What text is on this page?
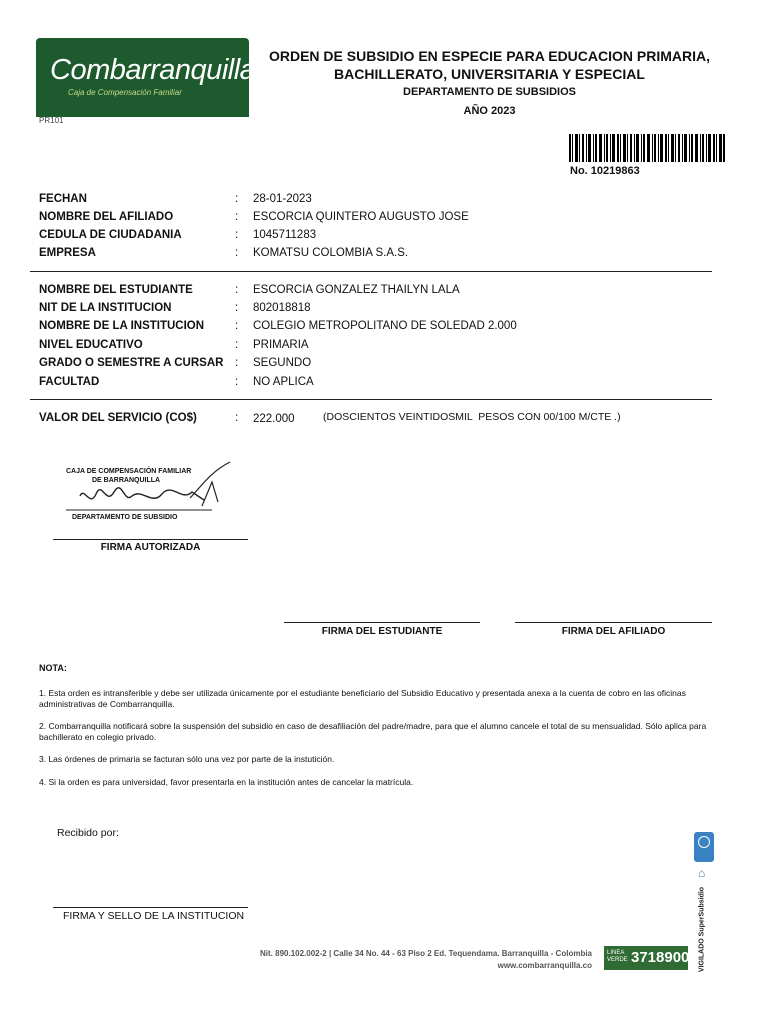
Combarranquilla
Caja de Compensación Familiar
PR101
ORDEN DE SUBSIDIO EN ESPECIE PARA EDUCACION PRIMARIA,
BACHILLERATO, UNIVERSITARIA Y ESPECIAL
DEPARTAMENTO DE SUBSIDIOS
AÑO 2023
No. 10219863
FECHAN	:	28-01-2023
NOMBRE DEL AFILIADO	:	ESCORCIA QUINTERO AUGUSTO JOSE
CEDULA DE CIUDADANIA	:	1045711283
EMPRESA	:	KOMATSU COLOMBIA S.A.S.
NOMBRE DEL ESTUDIANTE	:	ESCORCIA GONZALEZ THAILYN LALA
NIT DE LA INSTITUCION	:	802018818
NOMBRE DE LA INSTITUCION	:	COLEGIO METROPOLITANO DE SOLEDAD 2.000
NIVEL EDUCATIVO	:	PRIMARIA
GRADO O SEMESTRE A CURSAR	:	SEGUNDO
FACULTAD	:	NO APLICA
VALOR DEL SERVICIO (CO$)	: 222.000	(DOSCIENTOS VEINTIDOSMIL  PESOS CON 00/100 M/CTE .)
CAJA DE COMPENSACIÓN FAMILIAR
DE BARRANQUILLA
DEPARTAMENTO DE SUBSIDIO
FIRMA AUTORIZADA
FIRMA DEL ESTUDIANTE	FIRMA DEL AFILIADO
NOTA:
1. Esta orden es intransferible y debe ser utilizada únicamente por el estudiante beneficiario del Subsidio Educativo y presentada anexa a la cuenta de cobro en las oficinas administrativas de Combarranquilla.
2. Combarranquilla notificará sobre la suspensión del subsidio en caso de desafiliación del padre/madre, para que el alumno cancele el total de su mensualidad. Sólo aplica para bachillerato en colegio privado.
3. Las órdenes de primaria se facturan sólo una vez por parte de la instutición.
4. Si la orden es para universidad, favor presentarla en la institución antes de cancelar la matrícula.
Recibido por:
FIRMA Y SELLO DE LA INSTITUCION
Nit. 890.102.002-2 | Calle 34 No. 44 - 63 Piso 2 Ed. Tequendama. Barranquilla - Colombia
www.combarranquilla.co
LINEA VERDE 3718900
⌂
VIGILADO SuperSubsidio
